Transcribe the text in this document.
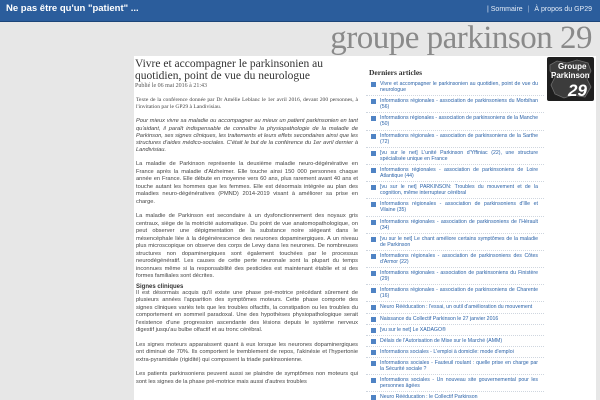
Ne pas être qu'un "patient" ...	| Sommaire | À propos du GP29
groupe parkinson 29
Vivre et accompagner le parkinsonien au quotidien, point de vue du neurologue
Publié le 06 mai 2016 à 21:43

Texte de la conférence donnée par Dr Amélie Leblanc le 1er avril 2016, devant 200 personnes, à l'invitation par le GP29 à Landivisiau.

Pour mieux vivre sa maladie ou accompagner au mieux un patient parkinsonien en tant qu'aidant, il paraît indispensable de connaître la physiopathologie de la maladie de Parkinson, ses signes cliniques, les traitements et leurs effets secondaires ainsi que les structures d'aides médico-sociales. C'était le but de la conférence du 1er avril dernier à Landivisiau.

La maladie de Parkinson représente la deuxième maladie neuro-dégénérative en France après la maladie d'Alzheimer. Elle touche ainsi 150 000 personnes chaque année en France. Elle débute en moyenne vers 60 ans, plus rarement avant 40 ans et touche autant les hommes que les femmes. Elle est désormais intégrée au plan des maladies neuro-dégénératives (PMND) 2014-2019 visant à améliorer sa prise en charge.

La maladie de Parkinson est secondaire à un dysfonctionnement des noyaux gris centraux, siège de la motricité automatique. Du point de vue anatomopathologique, on peut observer une dépigmentation de la substance noire siégeant dans le mésencéphale liée à la dégénérescence des neurones dopaminergiques. A un niveau plus microscopique on observe des corps de Lewy dans les neurones. De nombreuses structures non dopaminergiques sont également touchées par le processus neurodégénératif. Les causes de cette perte neuronale sont la plupart du temps inconnues même si la responsabilité des pesticides est maintenant établie et si des formes familiales sont décrites.

Signes cliniques

Il est désormais acquis qu'il existe une phase pré-motrice précédant sûrement de plusieurs années l'apparition des symptômes moteurs. Cette phase comporte des signes cliniques variés tels que les troubles olfactifs, la constipation ou les troubles du comportement en sommeil paradoxal. Une des hypothèses physiopathologique serait l'existence d'une progression ascendante des lésions depuis le système nerveux digestif jusqu'au bulbe olfactif et au tronc cérébral.

Les signes moteurs apparaissent quant à eux lorsque les neurones dopaminergiques ont diminué de 70%. Ils comportent le tremblement de repos, l'akinésie et l'hypertonie extra-pyramidale (rigidité) qui composent la triade parkinsonienne.

Les patients parkinsoniens peuvent aussi se plaindre de symptômes non moteurs qui sont les signes de la phase pré-motrice mais aussi d'autres troubles

Derniers articles
Vivre et accompagner le parkinsonien au quotidien, point de vue du neurologue
Informations régionales - association de parkinsoniens du Morbihan (56)
Informations régionales - association de parkinsoniens de la Manche (50)
Informations régionales - association de parkinsoniens de la Sarthe (72)
[vu sur le net] L'unité Parkinson d'Yffiniac (22), une structure spécialisée unique en France
Informations régionales - association de parkinsoniens de Loire Atlantique (44)
[vu sur le net] PARKINSON: Troubles du mouvement et de la cognition, même interrupteur cérébral
Informations régionales - association de parkinsoniens d'Ille et Vilaine (35)
Informations régionales - association de parkinsoniens de l'Hérault (34)
[vu sur le net] Le chant améliore certains symptômes de la maladie de Parkinson
Informations régionales - association de parkinsoniens des Côtes d'Armor (22)
Informations régionales - association de parkinsoniens du Finistère (29)
Informations régionales - association de parkinsoniens de Charente (16)
Neuro Rééducation : l'essai, un outil d'amélioration du mouvement
Naissance du Collectif Parkinson le 27 janvier 2016
[vu sur le net] Le XADAGO®
Délais de l'Autorisation de Mise sur le Marché (AMM)
Informations sociales - L'emploi à domicile: mode d'emploi
Informations sociales - Fauteuil roulant : quelle prise en charge par la Sécurité sociale ?
Informations sociales - Un nouveau site gouvernemental pour les personnes âgées
Neuro Rééducation : le Collectif Parkinson
Groupe
Parkinson
29
